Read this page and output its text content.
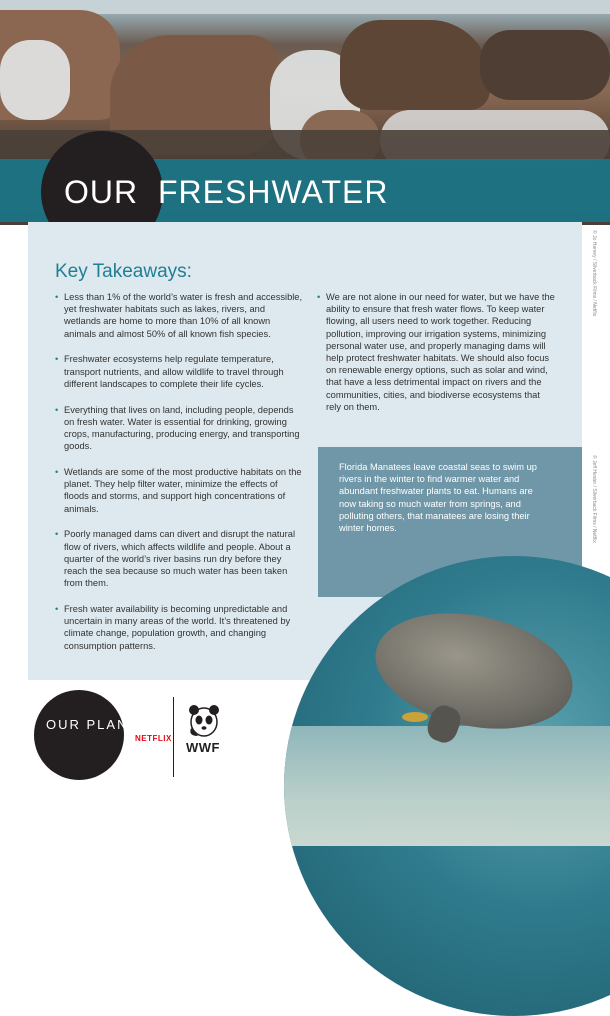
OUR FRESHWATER
Key Takeaways:
• Less than 1% of the world’s water is fresh and accessible, yet freshwater habitats such as lakes, rivers, and wetlands are home to more than 10% of all known animals and almost 50% of all known fish species.
• Freshwater ecosystems help regulate temperature, transport nutrients, and allow wildlife to travel through different landscapes to complete their life cycles.
• Everything that lives on land, including people, depends on fresh water. Water is essential for drinking, growing crops, manufacturing, producing energy, and transporting goods.
• Wetlands are some of the most productive habitats on the planet. They help filter water, minimize the effects of floods and storms, and support high concentrations of animals.
• Poorly managed dams can divert and disrupt the natural flow of rivers, which affects wildlife and people. About a quarter of the world’s river basins run dry before they reach the sea because so much water has been taken from them.
• Fresh water availability is becoming unpredictable and uncertain in many areas of the world. It’s threatened by climate change, population growth, and changing consumption patterns.
• We are not alone in our need for water, but we have the ability to ensure that fresh water flows. To keep water flowing, all users need to work together. Reducing pollution, improving our irrigation systems, minimizing personal water use, and properly managing dams will help protect freshwater habitats. We should also focus on renewable energy options, such as solar and wind, that have a less detrimental impact on rivers and the communities, cities, and biodiverse ecosystems that rely on them.
Florida Manatees leave coastal seas to swim up rivers in the winter to find warmer water and abundant freshwater plants to eat. Humans are now taking so much water from springs, and polluting others, that manatees are losing their winter homes.
© Jo Harvey / Silverback Films / Netflix
© Jeff Hester / Silverback Films / Netflix
OUR PLANET
NETFLIX
WWF
